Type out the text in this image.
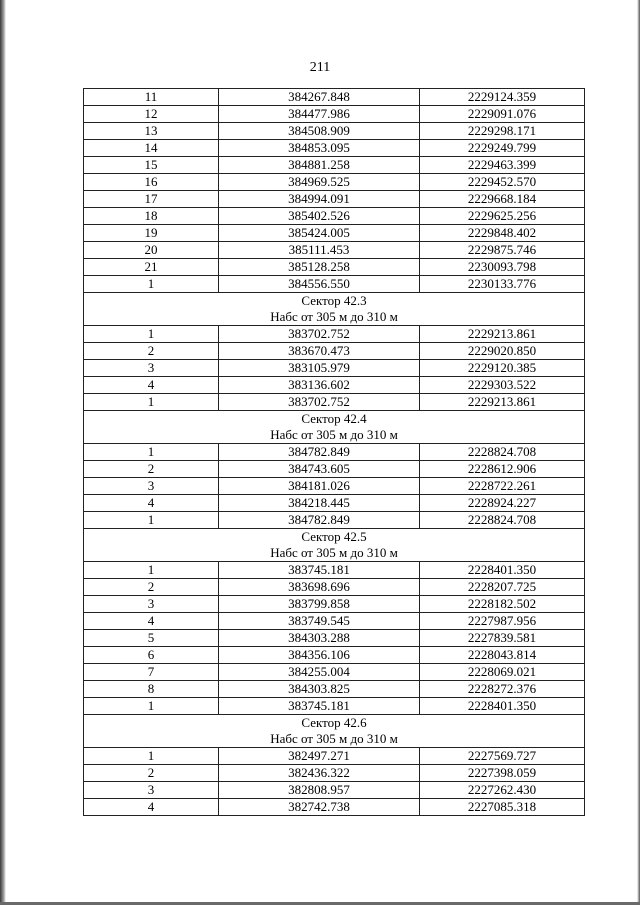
211
11	384267.848	2229124.359
12	384477.986	2229091.076
13	384508.909	2229298.171
14	384853.095	2229249.799
15	384881.258	2229463.399
16	384969.525	2229452.570
17	384994.091	2229668.184
18	385402.526	2229625.256
19	385424.005	2229848.402
20	385111.453	2229875.746
21	385128.258	2230093.798
1	384556.550	2230133.776
Сектор 42.3		
Набс от 305 м до 310 м		
1	383702.752	2229213.861
2	383670.473	2229020.850
3	383105.979	2229120.385
4	383136.602	2229303.522
1	383702.752	2229213.861
Сектор 42.4		
Набс от 305 м до 310 м		
1	384782.849	2228824.708
2	384743.605	2228612.906
3	384181.026	2228722.261
4	384218.445	2228924.227
1	384782.849	2228824.708
Сектор 42.5		
Набс от 305 м до 310 м		
1	383745.181	2228401.350
2	383698.696	2228207.725
3	383799.858	2228182.502
4	383749.545	2227987.956
5	384303.288	2227839.581
6	384356.106	2228043.814
7	384255.004	2228069.021
8	384303.825	2228272.376
1	383745.181	2228401.350
Сектор 42.6		
Набс от 305 м до 310 м		
1	382497.271	2227569.727
2	382436.322	2227398.059
3	382808.957	2227262.430
4	382742.738	2227085.318
